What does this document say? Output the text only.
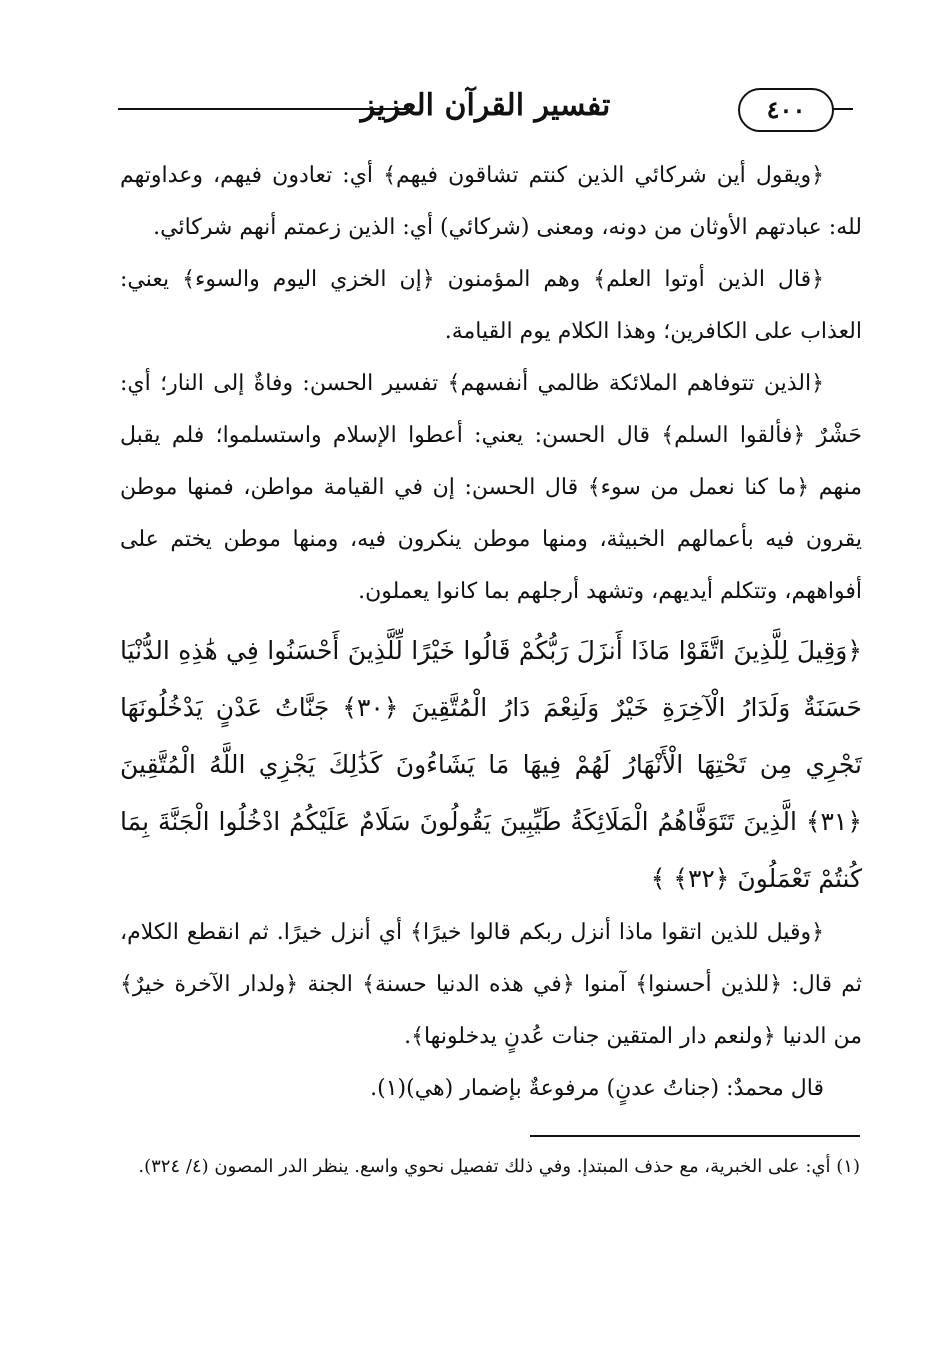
تفسير القرآن العزيز	٤٠٠

﴿ويقول أين شركائي الذين كنتم تشاقون فيهم﴾ أي: تعادون فيهم، وعداوتهم لله: عبادتهم الأوثان من دونه، ومعنى (شركائي) أي: الذين زعمتم أنهم شركائي.

﴿قال الذين أوتوا العلم﴾ وهم المؤمنون ﴿إن الخزي اليوم والسوء﴾ يعني: العذاب على الكافرين؛ وهذا الكلام يوم القيامة.

﴿الذين تتوفاهم الملائكة ظالمي أنفسهم﴾ تفسير الحسن: وفاةٌ إلى النار؛ أي: حَشْرٌ ﴿فألقوا السلم﴾ قال الحسن: يعني: أعطوا الإسلام واستسلموا؛ فلم يقبل منهم ﴿ما كنا نعمل من سوء﴾ قال الحسن: إن في القيامة مواطن، فمنها موطن يقرون فيه بأعمالهم الخبيثة، ومنها موطن ينكرون فيه، ومنها موطن يختم على أفواههم، وتتكلم أيديهم، وتشهد أرجلهم بما كانوا يعملون.

﴿وَقِيلَ لِلَّذِينَ اتَّقَوْا مَاذَا أَنزَلَ رَبُّكُمْ قَالُوا خَيْرًا لِّلَّذِينَ أَحْسَنُوا فِي هَٰذِهِ الدُّنْيَا حَسَنَةٌ وَلَدَارُ الْآخِرَةِ خَيْرٌ وَلَنِعْمَ دَارُ الْمُتَّقِينَ ﴿٣٠﴾ جَنَّاتُ عَدْنٍ يَدْخُلُونَهَا تَجْرِي مِن تَحْتِهَا الْأَنْهَارُ لَهُمْ فِيهَا مَا يَشَاءُونَ كَذَٰلِكَ يَجْزِي اللَّهُ الْمُتَّقِينَ ﴿٣١﴾ الَّذِينَ تَتَوَفَّاهُمُ الْمَلَائِكَةُ طَيِّبِينَ يَقُولُونَ سَلَامٌ عَلَيْكُمُ ادْخُلُوا الْجَنَّةَ بِمَا كُنتُمْ تَعْمَلُونَ ﴿٣٢﴾ ﴾

﴿وقيل للذين اتقوا ماذا أنزل ربكم قالوا خيرًا﴾ أي أنزل خيرًا. ثم انقطع الكلام، ثم قال: ﴿للذين أحسنوا﴾ آمنوا ﴿في هذه الدنيا حسنة﴾ الجنة ﴿ولدار الآخرة خيرٌ﴾ من الدنيا ﴿ولنعم دار المتقين جنات عُدنٍ يدخلونها﴾.

قال محمدٌ: (جناتُ عدنٍ) مرفوعةٌ بإضمار (هي)(١).

(١) أي: على الخبرية، مع حذف المبتدإ. وفي ذلك تفصيل نحوي واسع. ينظر الدر المصون (٤/ ٣٢٤).
